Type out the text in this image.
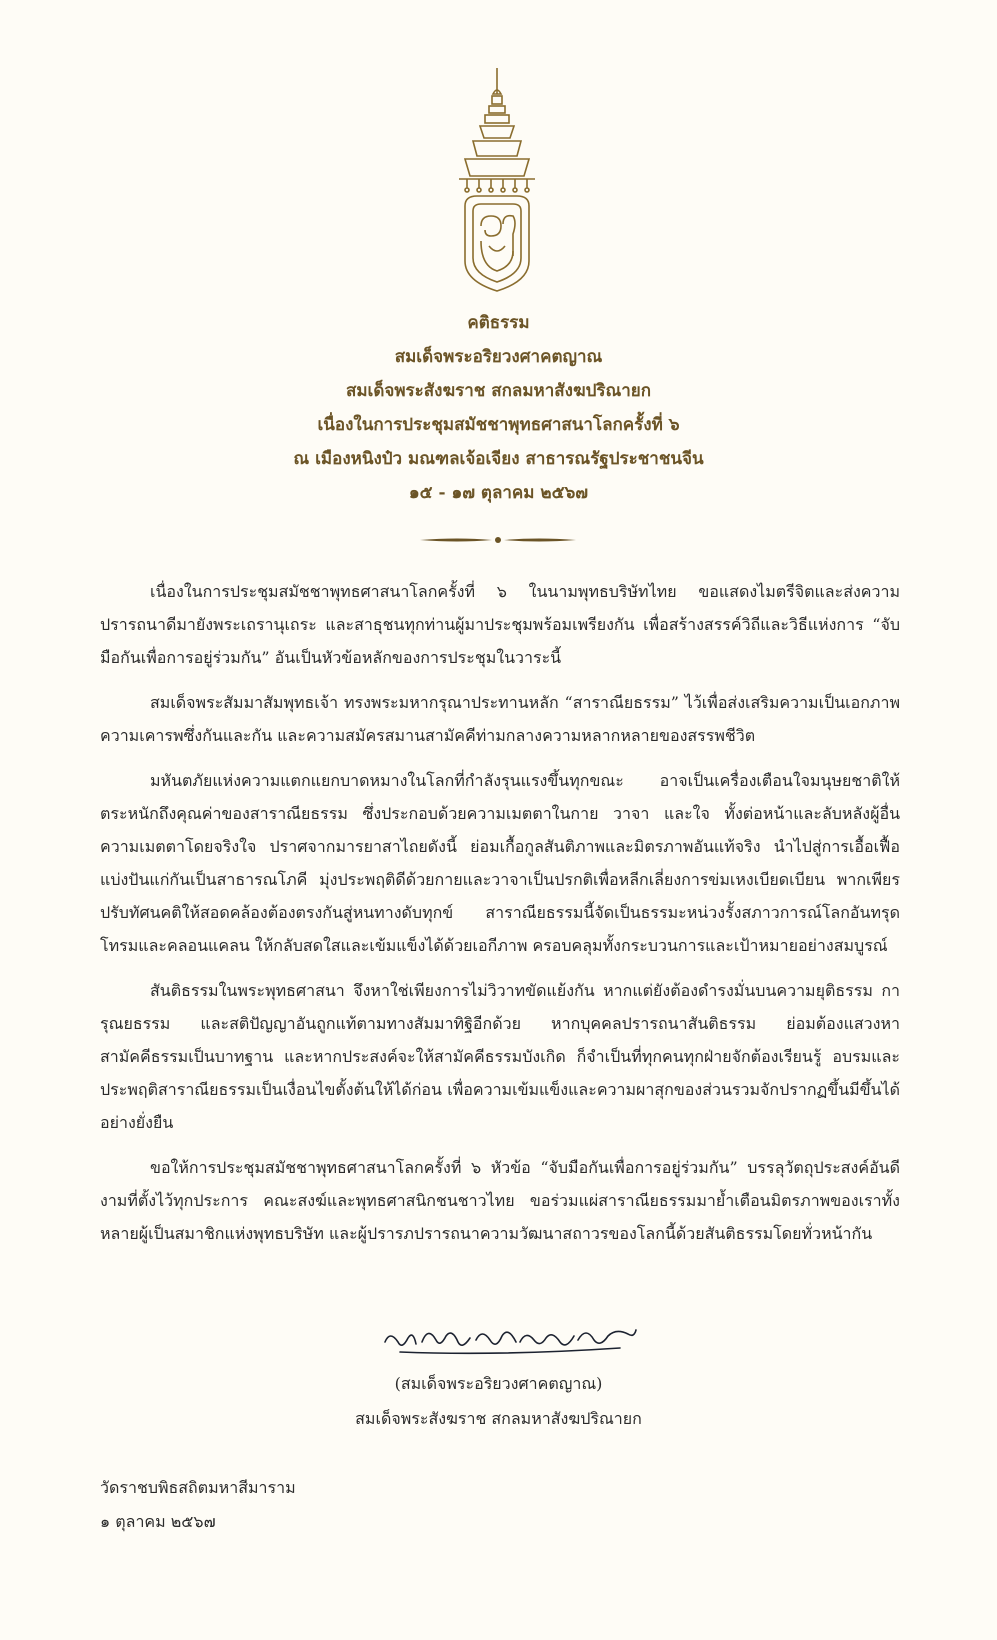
คติธรรม
สมเด็จพระอริยวงศาคตญาณ
สมเด็จพระสังฆราช สกลมหาสังฆปริณายก
เนื่องในการประชุมสมัชชาพุทธศาสนาโลกครั้งที่ ๖
ณ เมืองหนิงป๋ว มณฑลเจ้อเจียง สาธารณรัฐประชาชนจีน
๑๕ - ๑๗ ตุลาคม ๒๕๖๗

เนื่องในการประชุมสมัชชาพุทธศาสนาโลกครั้งที่ ๖ ในนามพุทธบริษัทไทย ขอแสดงไมตรีจิตและส่งความปรารถนาดีมายังพระเถรานุเถระ และสาธุชนทุกท่านผู้มาประชุมพร้อมเพรียงกัน เพื่อสร้างสรรค์วิถีและวิธีแห่งการ “จับมือกันเพื่อการอยู่ร่วมกัน” อันเป็นหัวข้อหลักของการประชุมในวาระนี้

สมเด็จพระสัมมาสัมพุทธเจ้า ทรงพระมหากรุณาประทานหลัก “สาราณียธรรม” ไว้เพื่อส่งเสริมความเป็นเอกภาพ ความเคารพซึ่งกันและกัน และความสมัครสมานสามัคคีท่ามกลางความหลากหลายของสรรพชีวิต

มหันตภัยแห่งความแตกแยกบาดหมางในโลกที่กำลังรุนแรงขึ้นทุกขณะ อาจเป็นเครื่องเตือนใจมนุษยชาติให้ตระหนักถึงคุณค่าของสาราณียธรรม ซึ่งประกอบด้วยความเมตตาในกาย วาจา และใจ ทั้งต่อหน้าและลับหลังผู้อื่น ความเมตตาโดยจริงใจ ปราศจากมารยาสาไถยดังนี้ ย่อมเกื้อกูลสันติภาพและมิตรภาพอันแท้จริง นำไปสู่การเอื้อเฟื้อแบ่งปันแก่กันเป็นสาธารณโภคี มุ่งประพฤติดีด้วยกายและวาจาเป็นปรกติเพื่อหลีกเลี่ยงการข่มเหงเบียดเบียน พากเพียรปรับทัศนคติให้สอดคล้องต้องตรงกันสู่หนทางดับทุกข์ สาราณียธรรมนี้จัดเป็นธรรมะหน่วงรั้งสภาวการณ์โลกอันทรุดโทรมและคลอนแคลน ให้กลับสดใสและเข้มแข็งได้ด้วยเอกีภาพ ครอบคลุมทั้งกระบวนการและเป้าหมายอย่างสมบูรณ์

สันติธรรมในพระพุทธศาสนา จึงหาใช่เพียงการไม่วิวาทขัดแย้งกัน หากแต่ยังต้องดำรงมั่นบนความยุติธรรม การุณยธรรม และสติปัญญาอันถูกแท้ตามทางสัมมาทิฐิอีกด้วย หากบุคคลปรารถนาสันติธรรม ย่อมต้องแสวงหาสามัคคีธรรมเป็นบาทฐาน และหากประสงค์จะให้สามัคคีธรรมบังเกิด ก็จำเป็นที่ทุกคนทุกฝ่ายจักต้องเรียนรู้ อบรมและประพฤติสาราณียธรรมเป็นเงื่อนไขตั้งต้นให้ได้ก่อน เพื่อความเข้มแข็งและความผาสุกของส่วนรวมจักปรากฏขึ้นมีขึ้นได้อย่างยั่งยืน

ขอให้การประชุมสมัชชาพุทธศาสนาโลกครั้งที่ ๖ หัวข้อ “จับมือกันเพื่อการอยู่ร่วมกัน” บรรลุวัตถุประสงค์อันดีงามที่ตั้งไว้ทุกประการ คณะสงฆ์และพุทธศาสนิกชนชาวไทย ขอร่วมแผ่สาราณียธรรมมาย้ำเตือนมิตรภาพของเราทั้งหลายผู้เป็นสมาชิกแห่งพุทธบริษัท และผู้ปรารภปรารถนาความวัฒนาสถาวรของโลกนี้ด้วยสันติธรรมโดยทั่วหน้ากัน

(สมเด็จพระอริยวงศาคตญาณ)
สมเด็จพระสังฆราช สกลมหาสังฆปริณายก
วัดราชบพิธสถิตมหาสีมาราม
๑ ตุลาคม ๒๕๖๗
